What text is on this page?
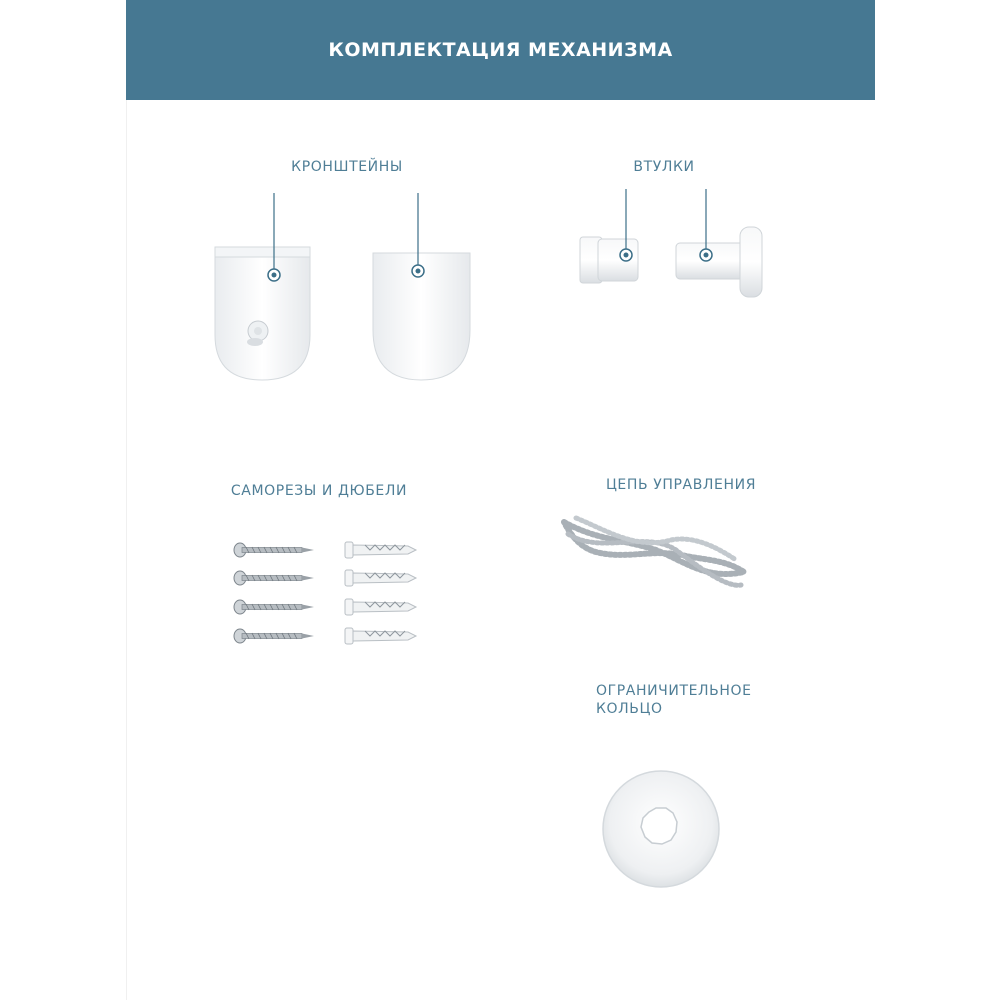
КОМПЛЕКТАЦИЯ МЕХАНИЗМА
КРОНШТЕЙНЫ	ВТУЛКИ
САМОРЕЗЫ И ДЮБЕЛИ	ЦЕПЬ УПРАВЛЕНИЯ
ОГРАНИЧИТЕЛЬНОЕ
КОЛЬЦО
